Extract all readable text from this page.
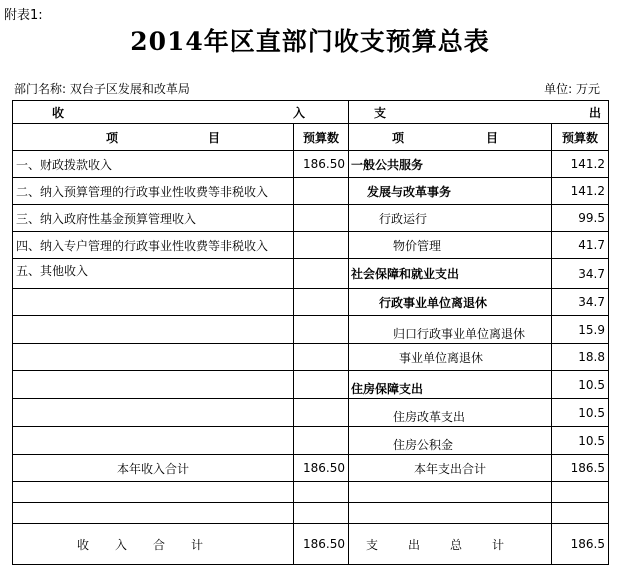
附表1:
2014年区直部门收支预算总表
部门名称: 双台子区发展和改革局	单位: 万元
收 入		支 出	

项 目	预算数	项 目	预算数
一、财政拨款收入	186.50	一般公共服务	141.2
二、纳入预算管理的行政事业性收费等非税收入		发展与改革事务	141.2
三、纳入政府性基金预算管理收入		行政运行	99.5
四、纳入专户管理的行政事业性收费等非税收入		物价管理	41.7
五、其他收入		社会保障和就业支出	34.7
		行政事业单位离退休	34.7
		归口行政事业单位离退休	15.9
		事业单位离退休	18.8
		住房保障支出	10.5
		住房改革支出	10.5
		住房公积金	10.5
本年收入合计	186.50	本年支出合计	186.5

收入合计	186.50	支出总计	186.5
